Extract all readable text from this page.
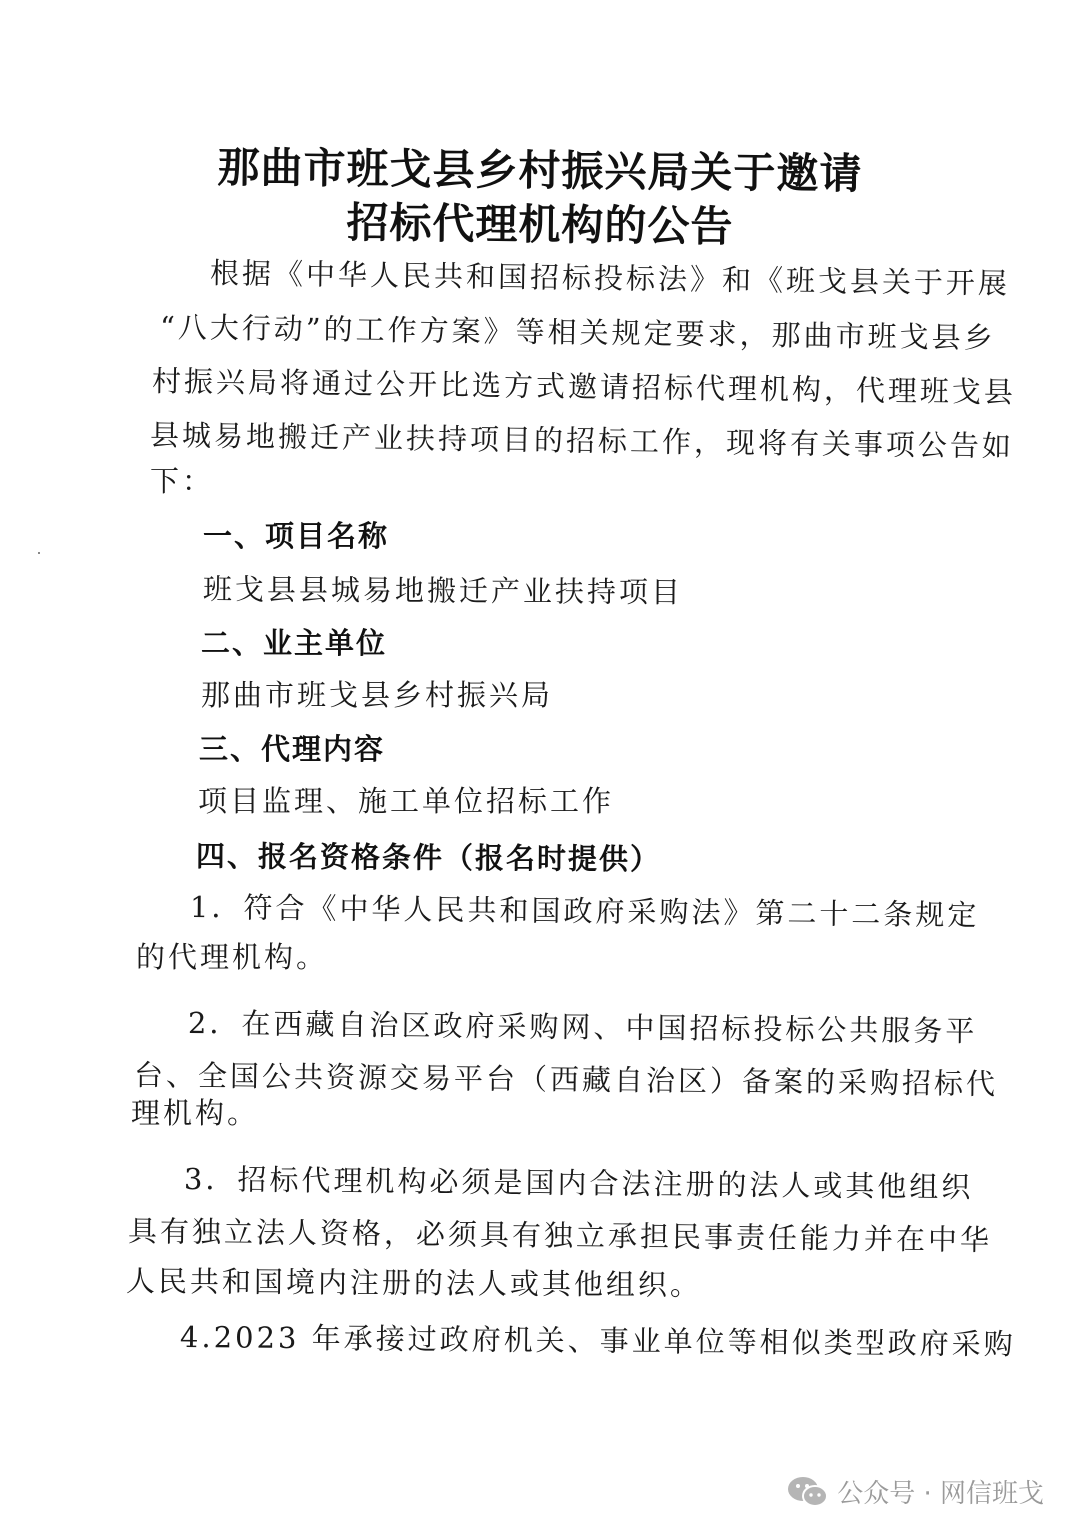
那曲市班戈县乡村振兴局关于邀请
招标代理机构的公告
根据《中华人民共和国招标投标法》和《班戈县关于开展
“八大行动”的工作方案》等相关规定要求，那曲市班戈县乡
村振兴局将通过公开比选方式邀请招标代理机构，代理班戈县
县城易地搬迁产业扶持项目的招标工作，现将有关事项公告如
下：
一、项目名称
班戈县县城易地搬迁产业扶持项目
二、业主单位
那曲市班戈县乡村振兴局
三、代理内容
项目监理、施工单位招标工作
四、报名资格条件（报名时提供）
1．符合《中华人民共和国政府采购法》第二十二条规定
的代理机构。
2．在西藏自治区政府采购网、中国招标投标公共服务平
台、全国公共资源交易平台（西藏自治区）备案的采购招标代
理机构。
3．招标代理机构必须是国内合法注册的法人或其他组织
具有独立法人资格，必须具有独立承担民事责任能力并在中华
人民共和国境内注册的法人或其他组织。
4.2023 年承接过政府机关、事业单位等相似类型政府采购
公众号 · 网信班戈
